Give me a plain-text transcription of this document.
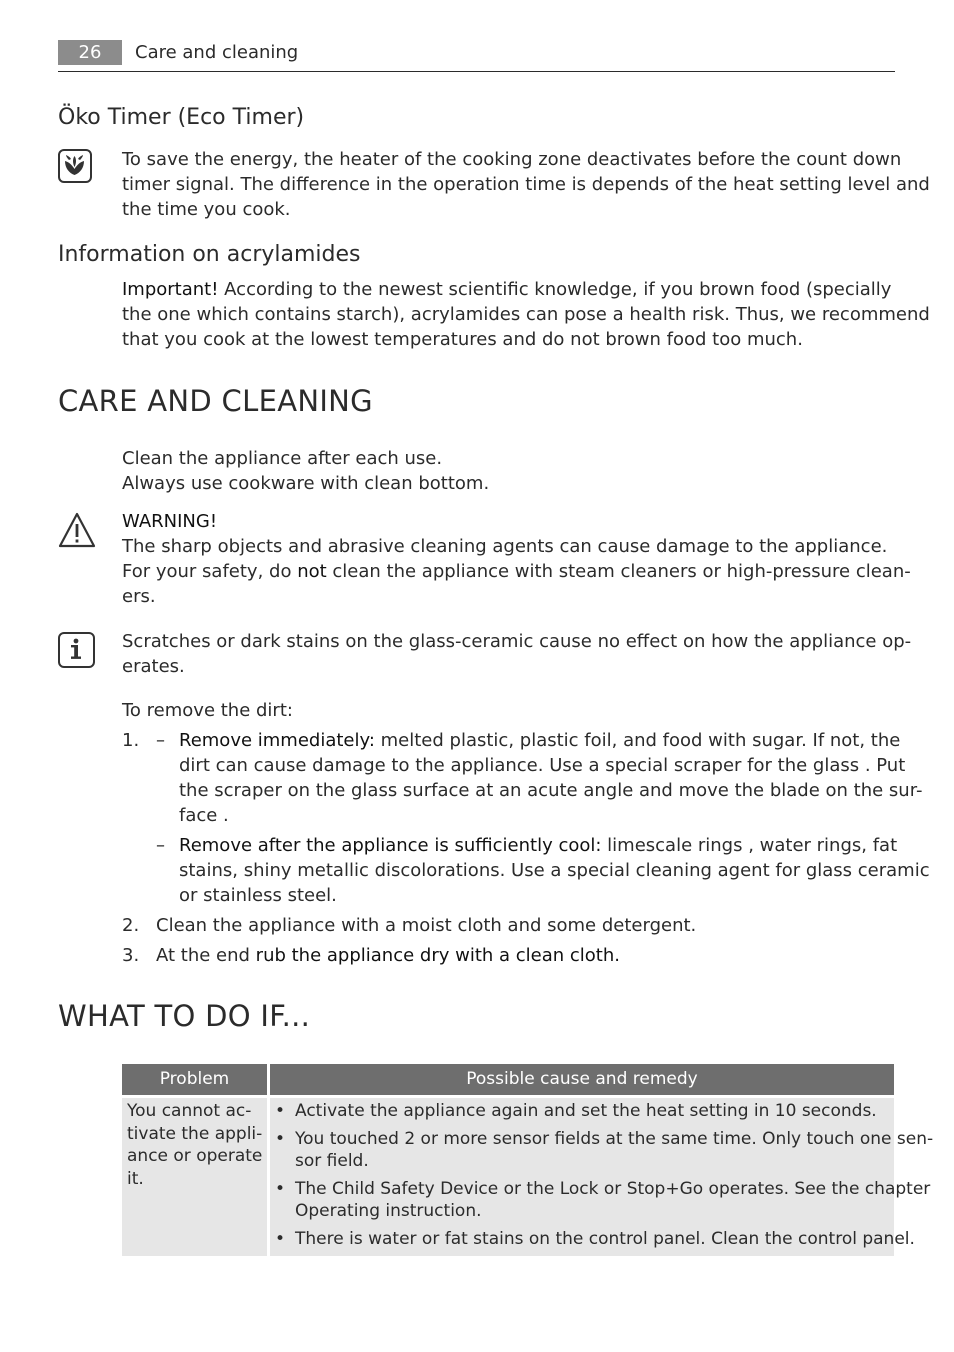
26	Care and cleaning
Öko Timer (Eco Timer)

To save the energy, the heater of the cooking zone deactivates before the count down

timer signal. The difference in the operation time is depends of the heat setting level and

the time you cook.

Information on acrylamides

Important! According to the newest scientific knowledge, if you brown food (specially

the one which contains starch), acrylamides can pose a health risk. Thus, we recommend

that you cook at the lowest temperatures and do not brown food too much.

CARE AND CLEANING

Clean the appliance after each use.

Always use cookware with clean bottom.

WARNING!

The sharp objects and abrasive cleaning agents can cause damage to the appliance.

For your safety, do not clean the appliance with steam cleaners or high-pressure clean-

ers.

Scratches or dark stains on the glass-ceramic cause no effect on how the appliance op-

erates.

To remove the dirt:
1. – Remove immediately: melted plastic, plastic foil, and food with sugar. If not, the

dirt can cause damage to the appliance. Use a special scraper for the glass . Put

the scraper on the glass surface at an acute angle and move the blade on the sur-

face .

– Remove after the appliance is sufficiently cool: limescale rings , water rings, fat

stains, shiny metallic discolorations. Use a special cleaning agent for glass ceramic

or stainless steel.

2. Clean the appliance with a moist cloth and some detergent.
3. At the end rub the appliance dry with a clean cloth.

WHAT TO DO IF...
Problem	Possible cause and remedy
You cannot ac-
tivate the appli-
ance or operate
it.
• Activate the appliance again and set the heat setting in 10 seconds.
• You touched 2 or more sensor fields at the same time. Only touch one sen-
sor field.
• The Child Safety Device or the Lock or Stop+Go operates. See the chapter
Operating instruction.
• There is water or fat stains on the control panel. Clean the control panel.
